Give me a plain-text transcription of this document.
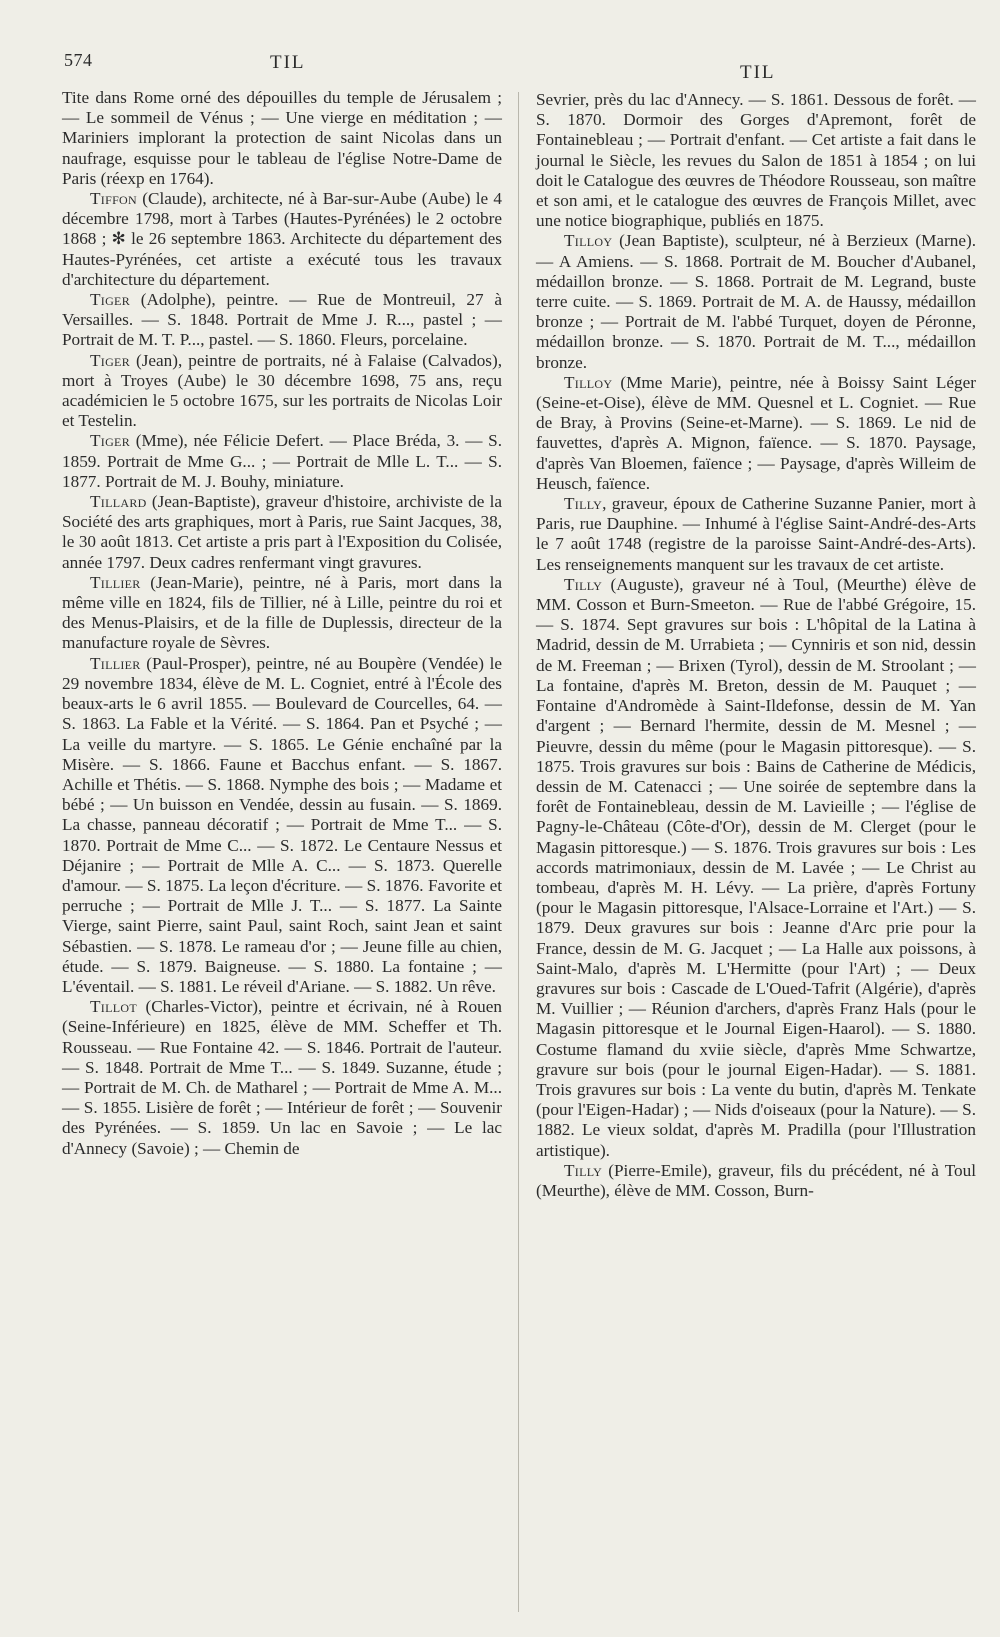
574	TIL	TIL

Tite dans Rome orné des dépouilles du temple de Jérusalem ; — Le sommeil de Vénus ; — Une vierge en méditation ; — Mariniers implorant la protection de saint Nicolas dans un naufrage, esquisse pour le tableau de l'église Notre-Dame de Paris (réexp en 1764).

Tiffon (Claude), architecte, né à Bar-sur-Aube (Aube) le 4 décembre 1798, mort à Tarbes (Hautes-Pyrénées) le 2 octobre 1868 ; ✻ le 26 septembre 1863. Architecte du département des Hautes-Pyrénées, cet artiste a exécuté tous les travaux d'architecture du département.

Tiger (Adolphe), peintre. — Rue de Montreuil, 27 à Versailles. — S. 1848. Portrait de Mme J. R..., pastel ; — Portrait de M. T. P..., pastel. — S. 1860. Fleurs, porcelaine.

Tiger (Jean), peintre de portraits, né à Falaise (Calvados), mort à Troyes (Aube) le 30 décembre 1698, 75 ans, reçu académicien le 5 octobre 1675, sur les portraits de Nicolas Loir et Testelin.

Tiger (Mme), née Félicie Defert. — Place Bréda, 3. — S. 1859. Portrait de Mme G... ; — Portrait de Mlle L. T... — S. 1877. Portrait de M. J. Bouhy, miniature.

Tillard (Jean-Baptiste), graveur d'histoire, archiviste de la Société des arts graphiques, mort à Paris, rue Saint Jacques, 38, le 30 août 1813. Cet artiste a pris part à l'Exposition du Colisée, année 1797. Deux cadres renfermant vingt gravures.

Tillier (Jean-Marie), peintre, né à Paris, mort dans la même ville en 1824, fils de Tillier, né à Lille, peintre du roi et des Menus-Plaisirs, et de la fille de Duplessis, directeur de la manufacture royale de Sèvres.

Tillier (Paul-Prosper), peintre, né au Boupère (Vendée) le 29 novembre 1834, élève de M. L. Cogniet, entré à l'École des beaux-arts le 6 avril 1855. — Boulevard de Courcelles, 64. — S. 1863. La Fable et la Vérité. — S. 1864. Pan et Psyché ; — La veille du martyre. — S. 1865. Le Génie enchaîné par la Misère. — S. 1866. Faune et Bacchus enfant. — S. 1867. Achille et Thétis. — S. 1868. Nymphe des bois ; — Madame et bébé ; — Un buisson en Vendée, dessin au fusain. — S. 1869. La chasse, panneau décoratif ; — Portrait de Mme T... — S. 1870. Portrait de Mme C... — S. 1872. Le Centaure Nessus et Déjanire ; — Portrait de Mlle A. C... — S. 1873. Querelle d'amour. — S. 1875. La leçon d'écriture. — S. 1876. Favorite et perruche ; — Portrait de Mlle J. T... — S. 1877. La Sainte Vierge, saint Pierre, saint Paul, saint Roch, saint Jean et saint Sébastien. — S. 1878. Le rameau d'or ; — Jeune fille au chien, étude. — S. 1879. Baigneuse. — S. 1880. La fontaine ; — L'éventail. — S. 1881. Le réveil d'Ariane. — S. 1882. Un rêve.

Tillot (Charles-Victor), peintre et écrivain, né à Rouen (Seine-Inférieure) en 1825, élève de MM. Scheffer et Th. Rousseau. — Rue Fontaine 42. — S. 1846. Portrait de l'auteur. — S. 1848. Portrait de Mme T... — S. 1849. Suzanne, étude ; — Portrait de M. Ch. de Matharel ; — Portrait de Mme A. M... — S. 1855. Lisière de forêt ; — Intérieur de forêt ; — Souvenir des Pyrénées. — S. 1859. Un lac en Savoie ; — Le lac d'Annecy (Savoie) ; — Chemin de

Sevrier, près du lac d'Annecy. — S. 1861. Dessous de forêt. — S. 1870. Dormoir des Gorges d'Apremont, forêt de Fontainebleau ; — Portrait d'enfant. — Cet artiste a fait dans le journal le Siècle, les revues du Salon de 1851 à 1854 ; on lui doit le Catalogue des œuvres de Théodore Rousseau, son maître et son ami, et le catalogue des œuvres de François Millet, avec une notice biographique, publiés en 1875.

Tilloy (Jean Baptiste), sculpteur, né à Berzieux (Marne). — A Amiens. — S. 1868. Portrait de M. Boucher d'Aubanel, médaillon bronze. — S. 1868. Portrait de M. Legrand, buste terre cuite. — S. 1869. Portrait de M. A. de Haussy, médaillon bronze ; — Portrait de M. l'abbé Turquet, doyen de Péronne, médaillon bronze. — S. 1870. Portrait de M. T..., médaillon bronze.

Tilloy (Mme Marie), peintre, née à Boissy Saint Léger (Seine-et-Oise), élève de MM. Quesnel et L. Cogniet. — Rue de Bray, à Provins (Seine-et-Marne). — S. 1869. Le nid de fauvettes, d'après A. Mignon, faïence. — S. 1870. Paysage, d'après Van Bloemen, faïence ; — Paysage, d'après Willeim de Heusch, faïence.

Tilly, graveur, époux de Catherine Suzanne Panier, mort à Paris, rue Dauphine. — Inhumé à l'église Saint-André-des-Arts le 7 août 1748 (registre de la paroisse Saint-André-des-Arts). Les renseignements manquent sur les travaux de cet artiste.

Tilly (Auguste), graveur né à Toul, (Meurthe) élève de MM. Cosson et Burn-Smeeton. — Rue de l'abbé Grégoire, 15. — S. 1874. Sept gravures sur bois : L'hôpital de la Latina à Madrid, dessin de M. Urrabieta ; — Cynniris et son nid, dessin de M. Freeman ; — Brixen (Tyrol), dessin de M. Stroolant ; — La fontaine, d'après M. Breton, dessin de M. Pauquet ; — Fontaine d'Andromède à Saint-Ildefonse, dessin de M. Yan d'argent ; — Bernard l'hermite, dessin de M. Mesnel ; — Pieuvre, dessin du même (pour le Magasin pittoresque). — S. 1875. Trois gravures sur bois : Bains de Catherine de Médicis, dessin de M. Catenacci ; — Une soirée de septembre dans la forêt de Fontainebleau, dessin de M. Lavieille ; — l'église de Pagny-le-Château (Côte-d'Or), dessin de M. Clerget (pour le Magasin pittoresque.) — S. 1876. Trois gravures sur bois : Les accords matrimoniaux, dessin de M. Lavée ; — Le Christ au tombeau, d'après M. H. Lévy. — La prière, d'après Fortuny (pour le Magasin pittoresque, l'Alsace-Lorraine et l'Art.) — S. 1879. Deux gravures sur bois : Jeanne d'Arc prie pour la France, dessin de M. G. Jacquet ; — La Halle aux poissons, à Saint-Malo, d'après M. L'Hermitte (pour l'Art) ; — Deux gravures sur bois : Cascade de L'Oued-Tafrit (Algérie), d'après M. Vuillier ; — Réunion d'archers, d'après Franz Hals (pour le Magasin pittoresque et le Journal Eigen-Haarol). — S. 1880. Costume flamand du xviie siècle, d'après Mme Schwartze, gravure sur bois (pour le journal Eigen-Hadar). — S. 1881. Trois gravures sur bois : La vente du butin, d'après M. Tenkate (pour l'Eigen-Hadar) ; — Nids d'oiseaux (pour la Nature). — S. 1882. Le vieux soldat, d'après M. Pradilla (pour l'Illustration artistique).

Tilly (Pierre-Emile), graveur, fils du précédent, né à Toul (Meurthe), élève de MM. Cosson, Burn-
